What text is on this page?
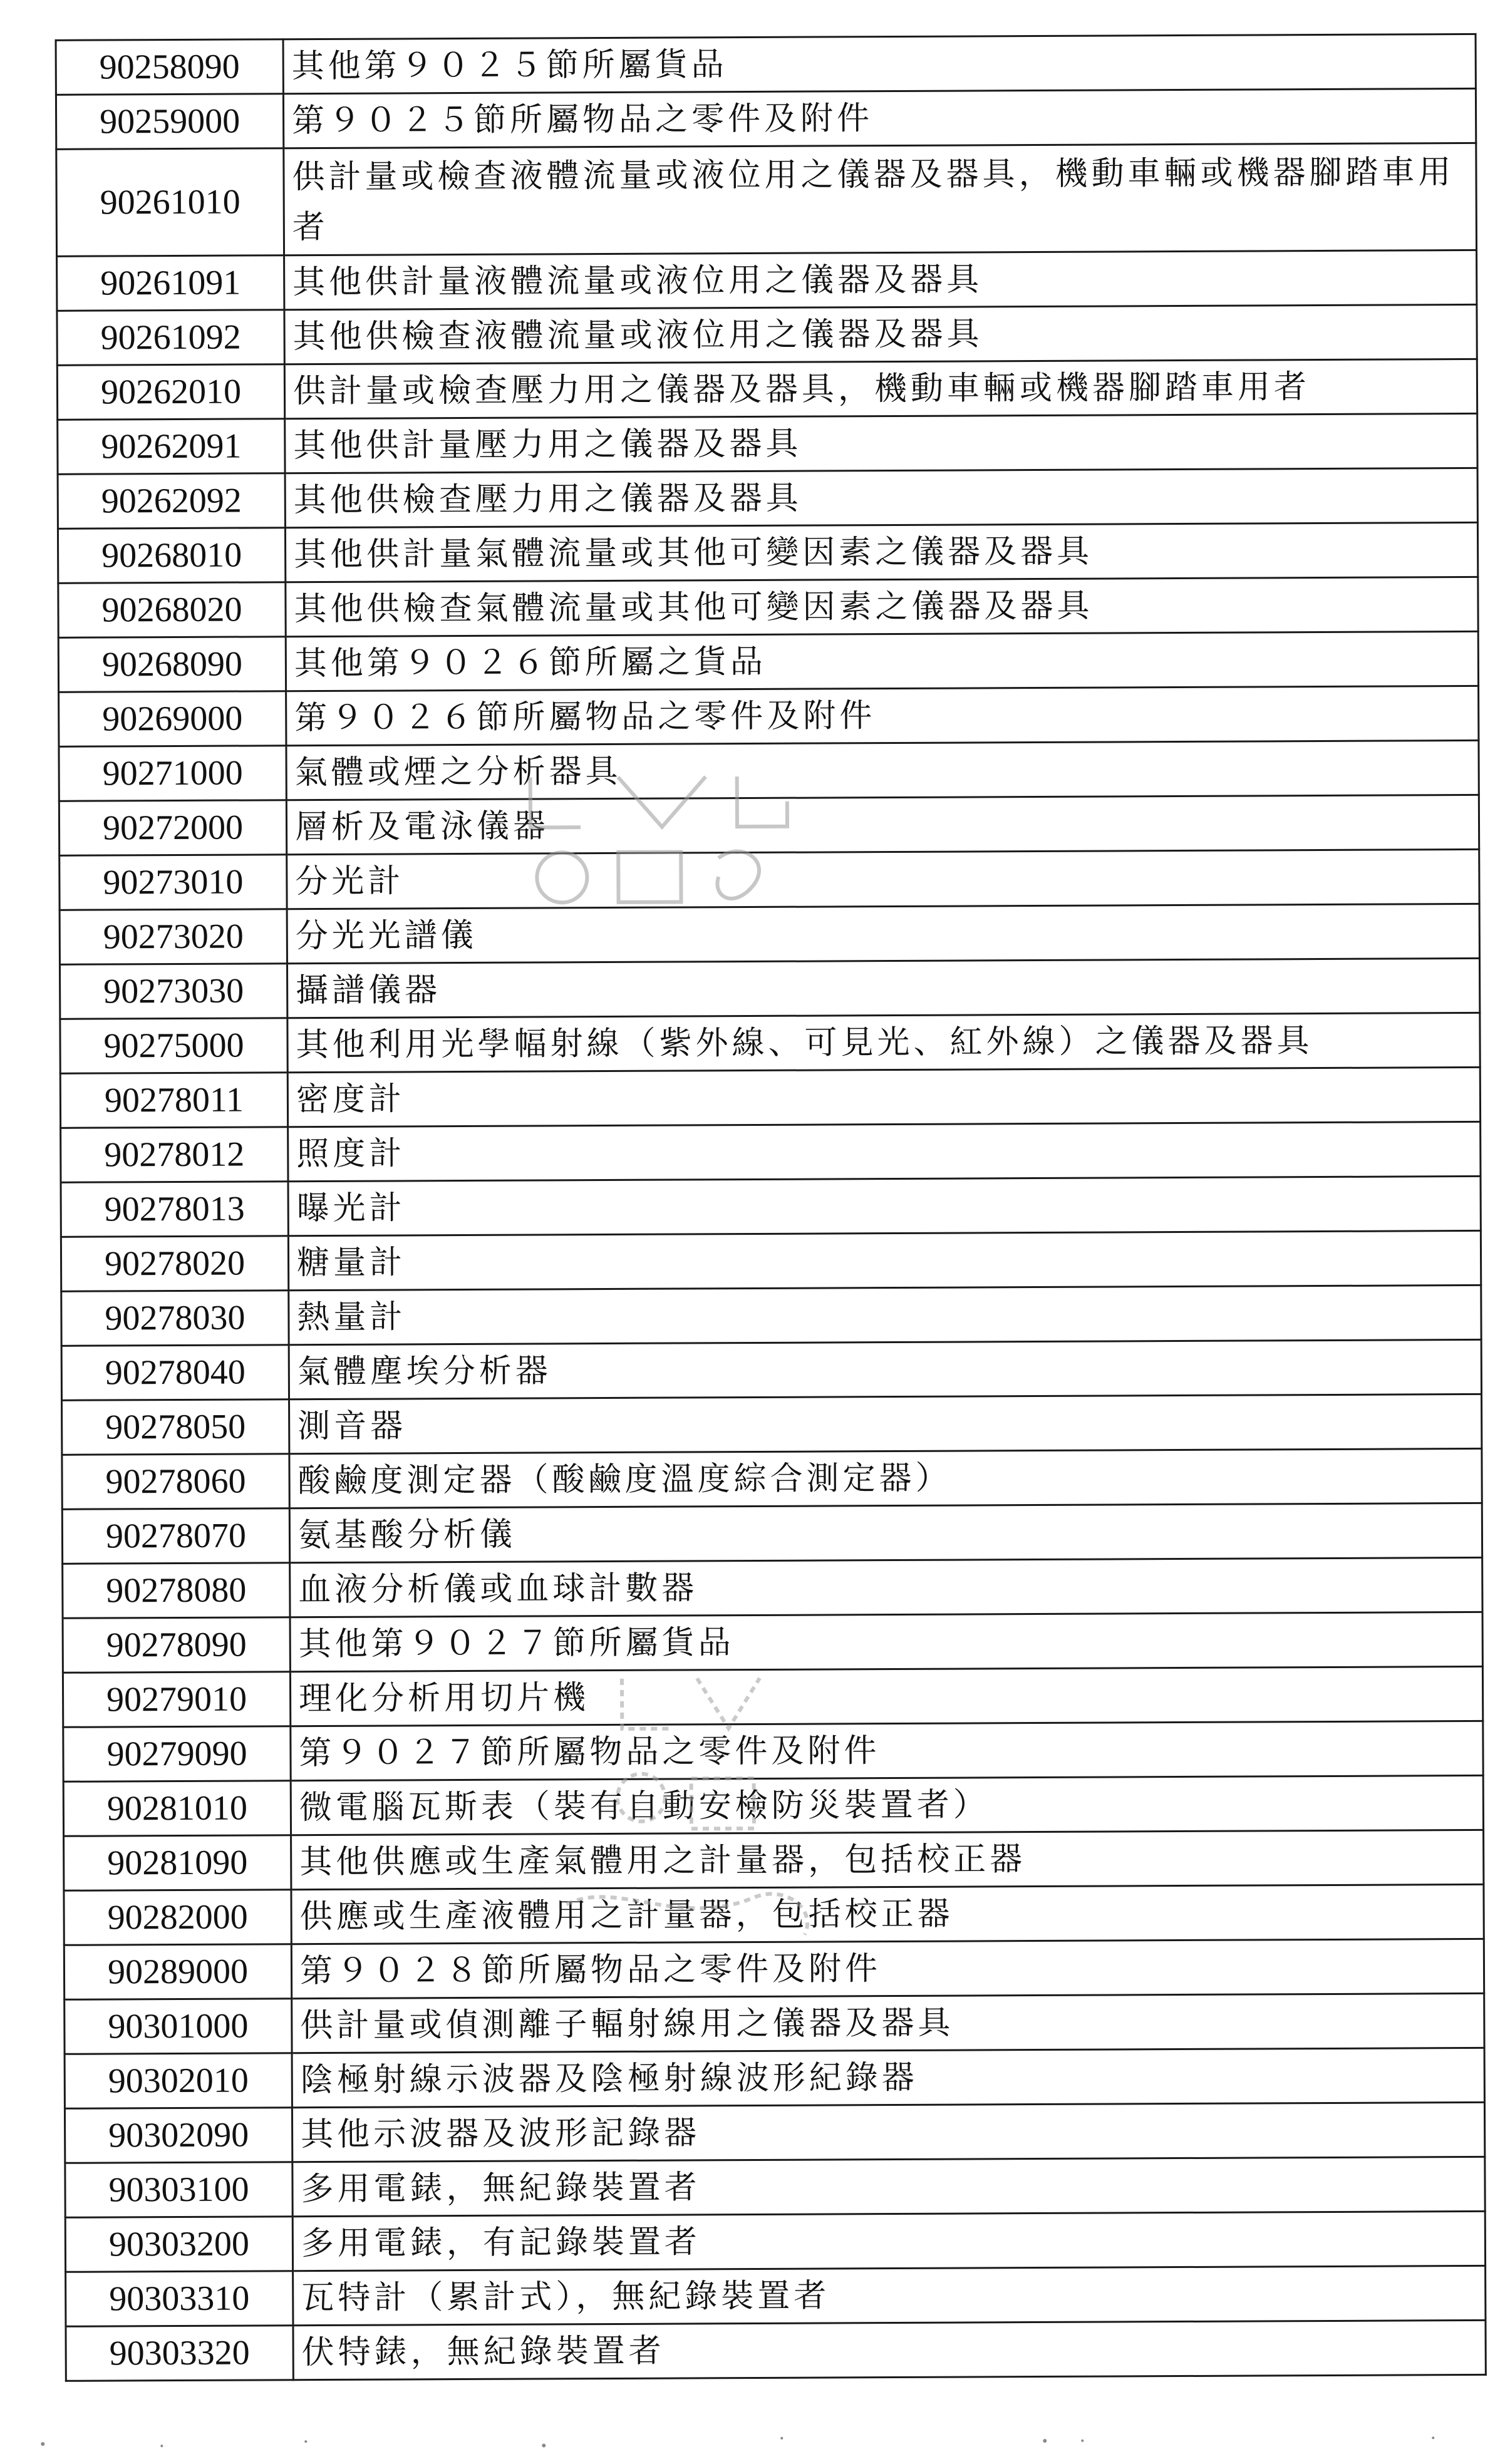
90258090	其他第９０２５節所屬貨品
90259000	第９０２５節所屬物品之零件及附件
90261010	供計量或檢查液體流量或液位用之儀器及器具，機動車輛或機器腳踏車用者
90261091	其他供計量液體流量或液位用之儀器及器具
90261092	其他供檢查液體流量或液位用之儀器及器具
90262010	供計量或檢查壓力用之儀器及器具，機動車輛或機器腳踏車用者
90262091	其他供計量壓力用之儀器及器具
90262092	其他供檢查壓力用之儀器及器具
90268010	其他供計量氣體流量或其他可變因素之儀器及器具
90268020	其他供檢查氣體流量或其他可變因素之儀器及器具
90268090	其他第９０２６節所屬之貨品
90269000	第９０２６節所屬物品之零件及附件
90271000	氣體或煙之分析器具
90272000	層析及電泳儀器
90273010	分光計
90273020	分光光譜儀
90273030	攝譜儀器
90275000	其他利用光學幅射線（紫外線、可見光、紅外線）之儀器及器具
90278011	密度計
90278012	照度計
90278013	曝光計
90278020	糖量計
90278030	熱量計
90278040	氣體塵埃分析器
90278050	測音器
90278060	酸鹼度測定器（酸鹼度溫度綜合測定器）
90278070	氨基酸分析儀
90278080	血液分析儀或血球計數器
90278090	其他第９０２７節所屬貨品
90279010	理化分析用切片機
90279090	第９０２７節所屬物品之零件及附件
90281010	微電腦瓦斯表（裝有自動安檢防災裝置者）
90281090	其他供應或生產氣體用之計量器，包括校正器
90282000	供應或生產液體用之計量器，包括校正器
90289000	第９０２８節所屬物品之零件及附件
90301000	供計量或偵測離子輻射線用之儀器及器具
90302010	陰極射線示波器及陰極射線波形紀錄器
90302090	其他示波器及波形記錄器
90303100	多用電錶，無紀錄裝置者
90303200	多用電錶，有記錄裝置者
90303310	瓦特計（累計式），無紀錄裝置者
90303320	伏特錶，無紀錄裝置者
